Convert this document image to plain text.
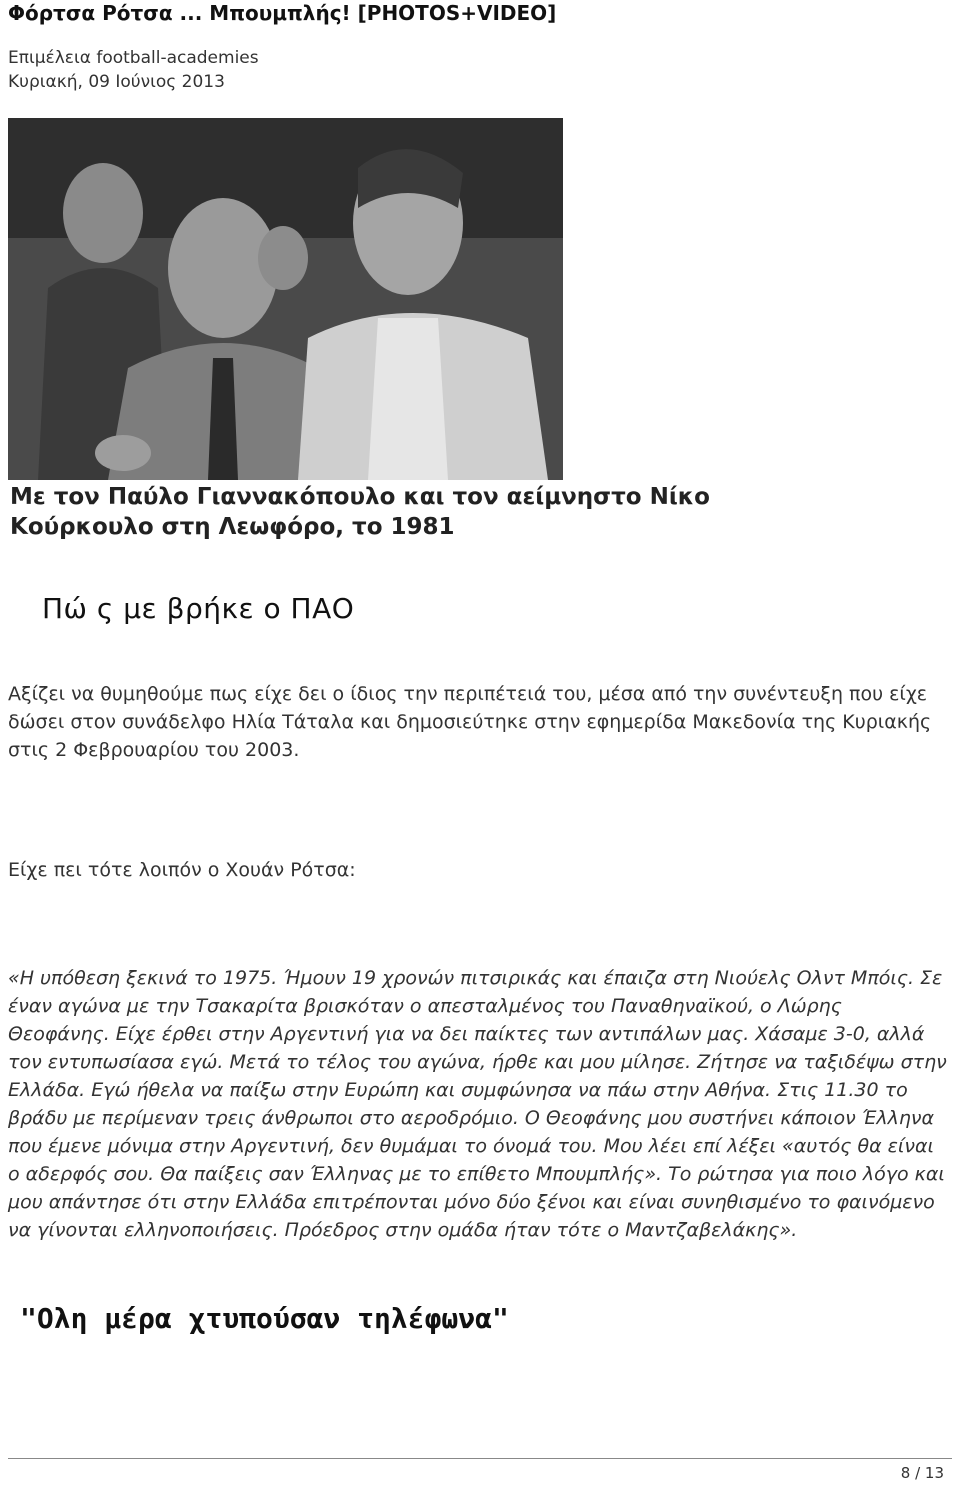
Φόρτσα Ρότσα ... Μπουμπλής! [PHOTOS+VIDEO]
Επιμέλεια football-academies
Κυριακή, 09 Ιούνιος 2013
Με τον Παύλο Γιαννακόπουλο και τον αείμνηστο Νίκο Κούρκουλο στη Λεωφόρο, το 1981
Πώ ς με βρήκε ο ΠΑΟ
Αξίζει να θυμηθούμε πως είχε δει ο ίδιος την περιπέτειά του, μέσα από την συνέντευξη που είχε δώσει στον συνάδελφο Ηλία Τάταλα και δημοσιεύτηκε στην εφημερίδα Μακεδονία της Κυριακής στις 2 Φεβρουαρίου του 2003.
Είχε πει τότε λοιπόν ο Χουάν Ρότσα:
«Η υπόθεση ξεκινά το 1975. Ήμουν 19 χρονών πιτσιρικάς και έπαιζα στη Νιούελς Ολντ Μπόις. Σε έναν αγώνα με την Τσακαρίτα βρισκόταν ο απεσταλμένος του Παναθηναϊκού, ο Λώρης Θεοφάνης. Είχε έρθει στην Αργεντινή για να δει παίκτες των αντιπάλων μας. Χάσαμε 3-0, αλλά τον εντυπωσίασα εγώ. Μετά το τέλος του αγώνα, ήρθε και μου μίλησε. Ζήτησε να ταξιδέψω στην Ελλάδα. Εγώ ήθελα να παίξω στην Ευρώπη και συμφώνησα να πάω στην Αθήνα. Στις 11.30 το βράδυ με περίμεναν τρεις άνθρωποι στο αεροδρόμιο. Ο Θεοφάνης μου συστήνει κάποιον Έλληνα που έμενε μόνιμα στην Αργεντινή, δεν θυμάμαι το όνομά του. Μου λέει επί λέξει «αυτός θα είναι ο αδερφός σου. Θα παίξεις σαν Έλληνας με το επίθετο Μπουμπλής». Το ρώτησα για ποιο λόγο και μου απάντησε ότι στην Ελλάδα επιτρέπονται μόνο δύο ξένοι και είναι συνηθισμένο το φαινόμενο να γίνονται ελληνοποιήσεις. Πρόεδρος στην ομάδα ήταν τότε ο Μαντζαβελάκης».
"Ολη μέρα χτυπούσαν τηλέφωνα"
8 / 13
